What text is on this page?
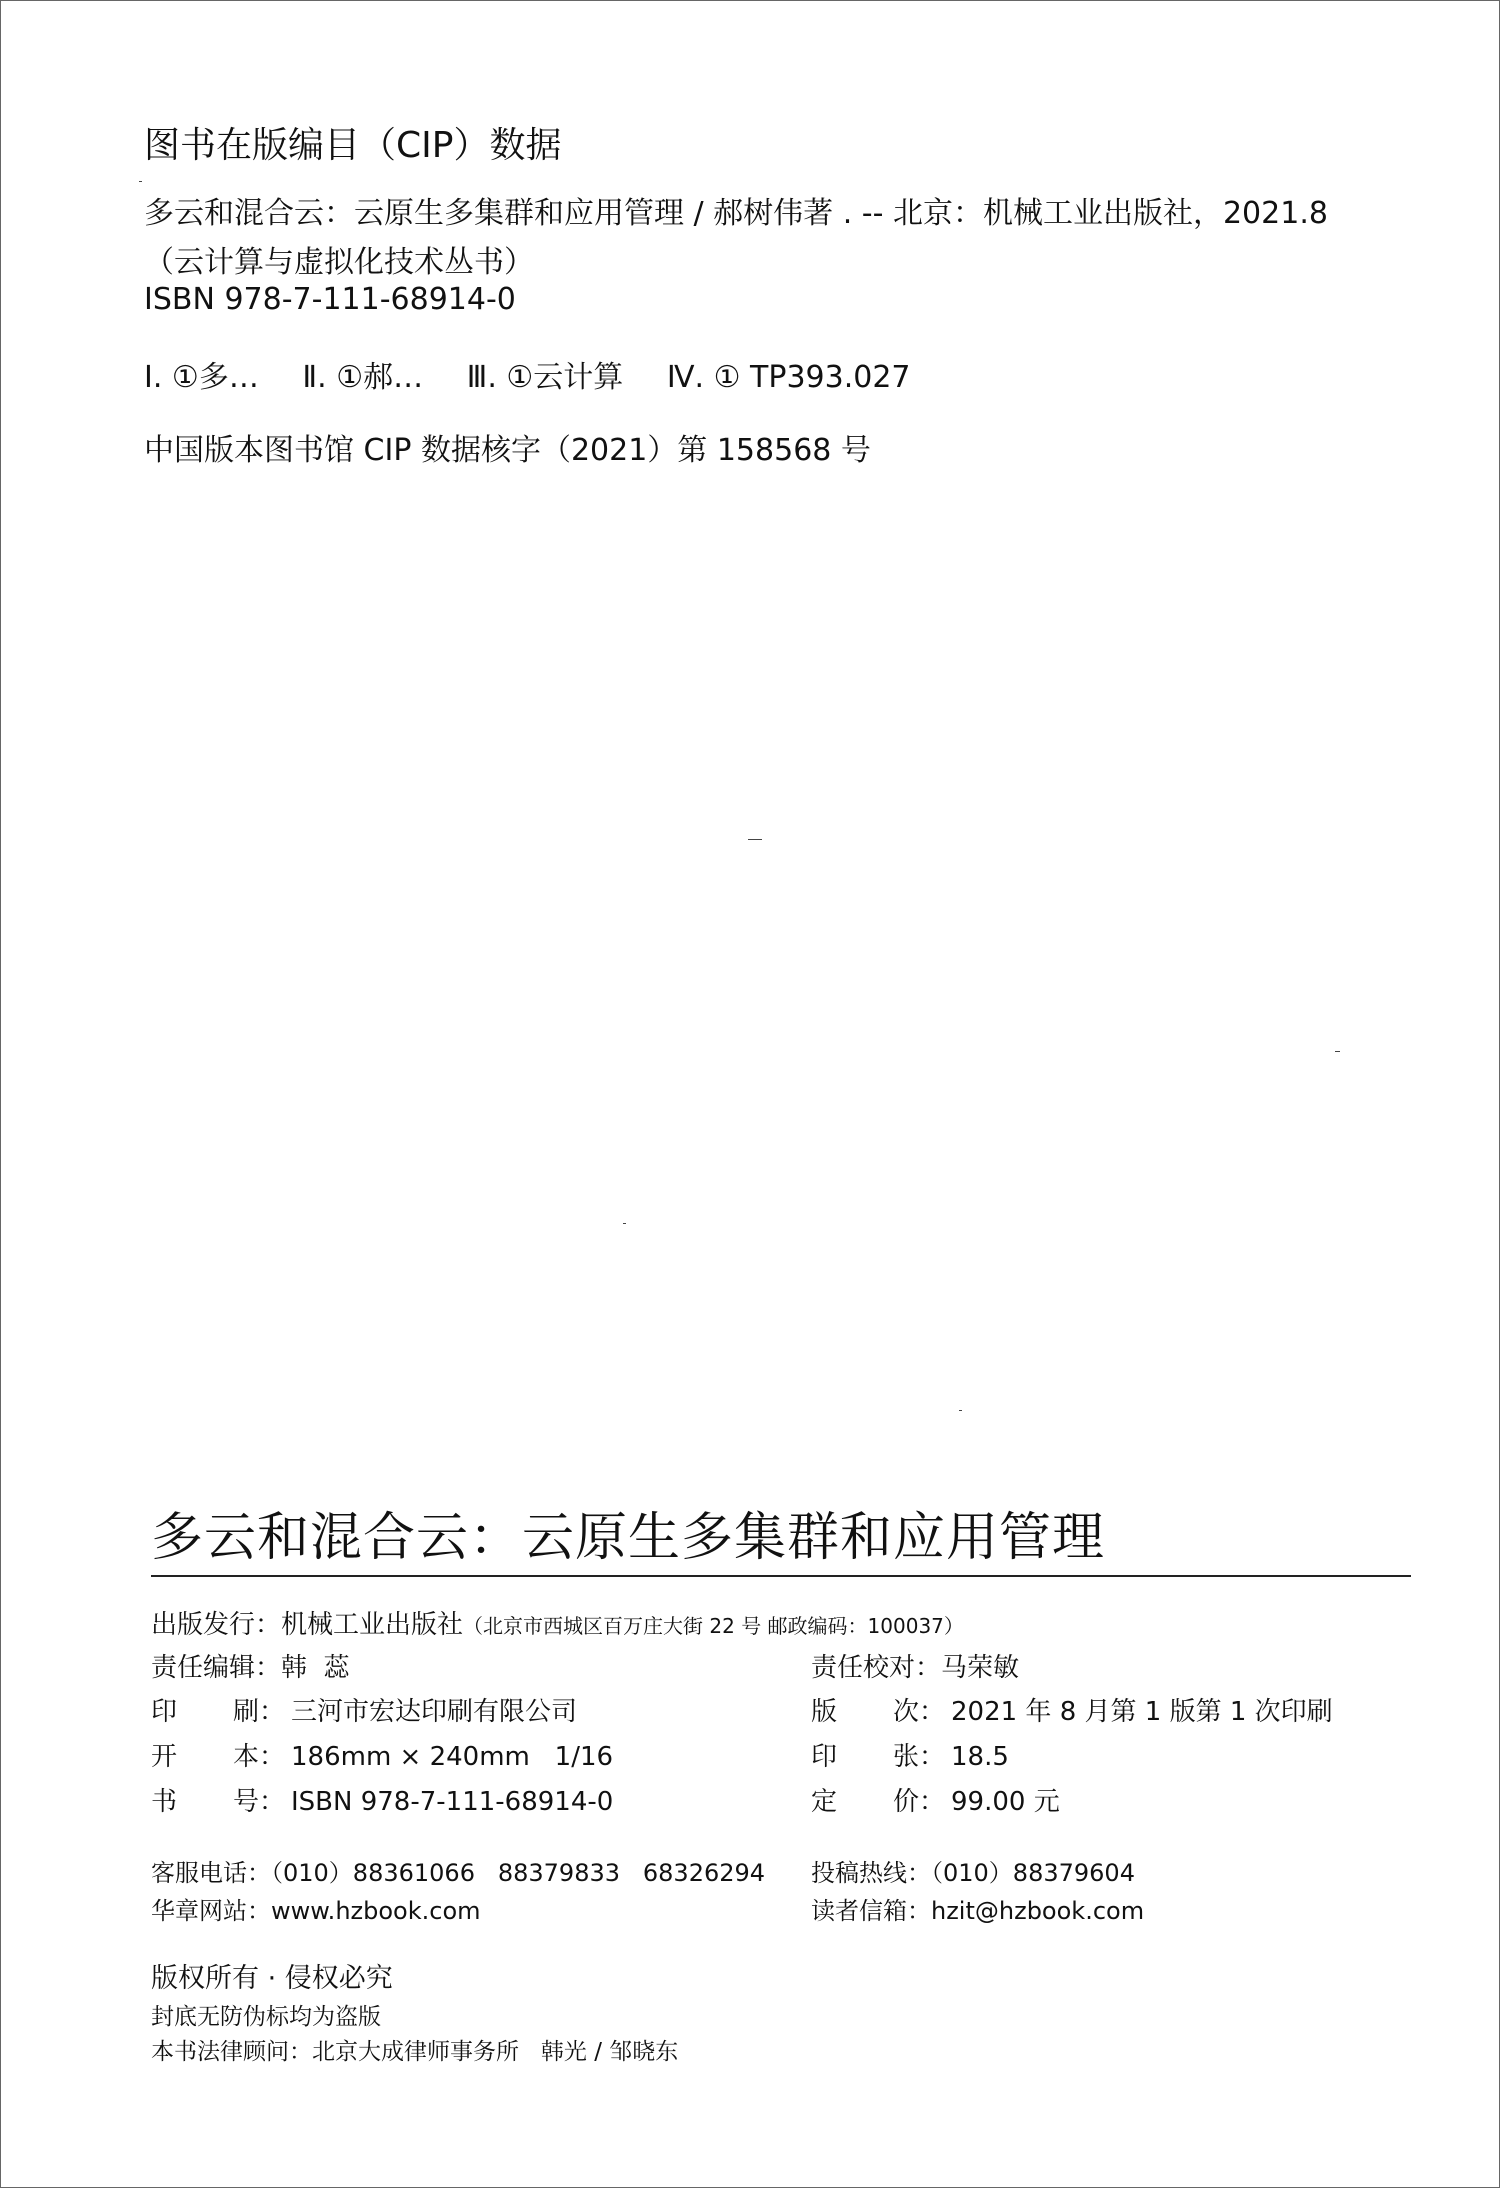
图书在版编目（CIP）数据
多云和混合云：云原生多集群和应用管理 / 郝树伟著 . -- 北京：机械工业出版社，2021.8
（云计算与虚拟化技术丛书）
ISBN 978-7-111-68914-0
Ⅰ. ①多… Ⅱ. ①郝… Ⅲ. ①云计算 Ⅳ. ① TP393.027
中国版本图书馆 CIP 数据核字（2021）第 158568 号
多云和混合云：云原生多集群和应用管理
出版发行：机械工业出版社（北京市西城区百万庄大街 22 号 邮政编码：100037）
责任编辑：韩  蕊	责任校对：马荣敏
印 刷： 三河市宏达印刷有限公司	版 次： 2021 年 8 月第 1 版第 1 次印刷
开 本： 186mm × 240mm   1/16	印 张： 18.5
书 号： ISBN 978-7-111-68914-0	定 价： 99.00 元
客服电话：（010）88361066   88379833   68326294 投稿热线：（010）88379604
华章网站：www.hzbook.com	读者信箱：hzit@hzbook.com
版权所有 · 侵权必究
封底无防伪标均为盗版
本书法律顾问：北京大成律师事务所   韩光 / 邹晓东
